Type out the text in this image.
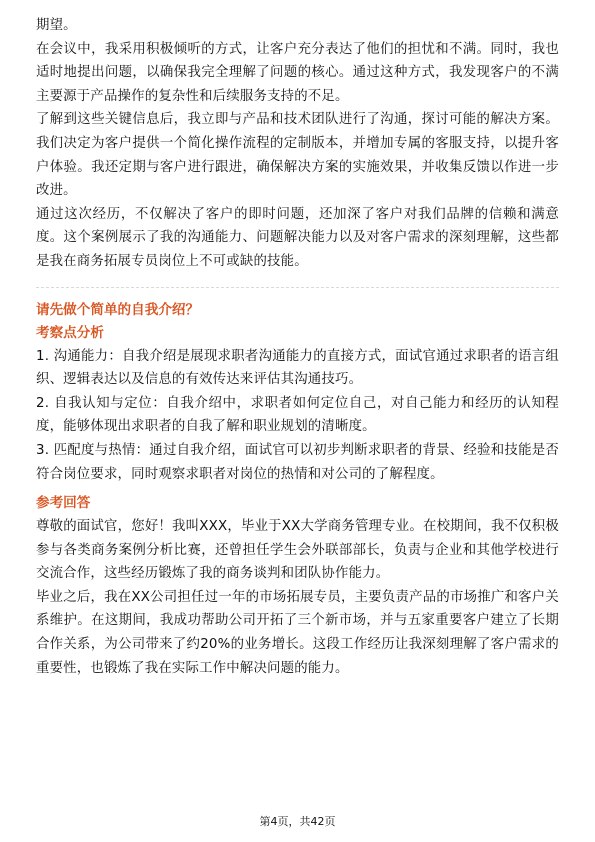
期望。

在会议中，我采用积极倾听的方式，让客户充分表达了他们的担忧和不满。同时，我也适时地提出问题，以确保我完全理解了问题的核心。通过这种方式，我发现客户的不满主要源于产品操作的复杂性和后续服务支持的不足。

了解到这些关键信息后，我立即与产品和技术团队进行了沟通，探讨可能的解决方案。我们决定为客户提供一个简化操作流程的定制版本，并增加专属的客服支持，以提升客户体验。我还定期与客户进行跟进，确保解决方案的实施效果，并收集反馈以作进一步改进。

通过这次经历，不仅解决了客户的即时问题，还加深了客户对我们品牌的信赖和满意度。这个案例展示了我的沟通能力、问题解决能力以及对客户需求的深刻理解，这些都是我在商务拓展专员岗位上不可或缺的技能。

请先做个简单的自我介绍？

考察点分析

1. 沟通能力：自我介绍是展现求职者沟通能力的直接方式，面试官通过求职者的语言组织、逻辑表达以及信息的有效传达来评估其沟通技巧。

2. 自我认知与定位：自我介绍中，求职者如何定位自己，对自己能力和经历的认知程度，能够体现出求职者的自我了解和职业规划的清晰度。

3. 匹配度与热情：通过自我介绍，面试官可以初步判断求职者的背景、经验和技能是否符合岗位要求，同时观察求职者对岗位的热情和对公司的了解程度。

参考回答

尊敬的面试官，您好！我叫XXX，毕业于XX大学商务管理专业。在校期间，我不仅积极参与各类商务案例分析比赛，还曾担任学生会外联部部长，负责与企业和其他学校进行交流合作，这些经历锻炼了我的商务谈判和团队协作能力。

毕业之后，我在XX公司担任过一年的市场拓展专员，主要负责产品的市场推广和客户关系维护。在这期间，我成功帮助公司开拓了三个新市场，并与五家重要客户建立了长期合作关系，为公司带来了约20%的业务增长。这段工作经历让我深刻理解了客户需求的重要性，也锻炼了我在实际工作中解决问题的能力。

第4页，共42页
